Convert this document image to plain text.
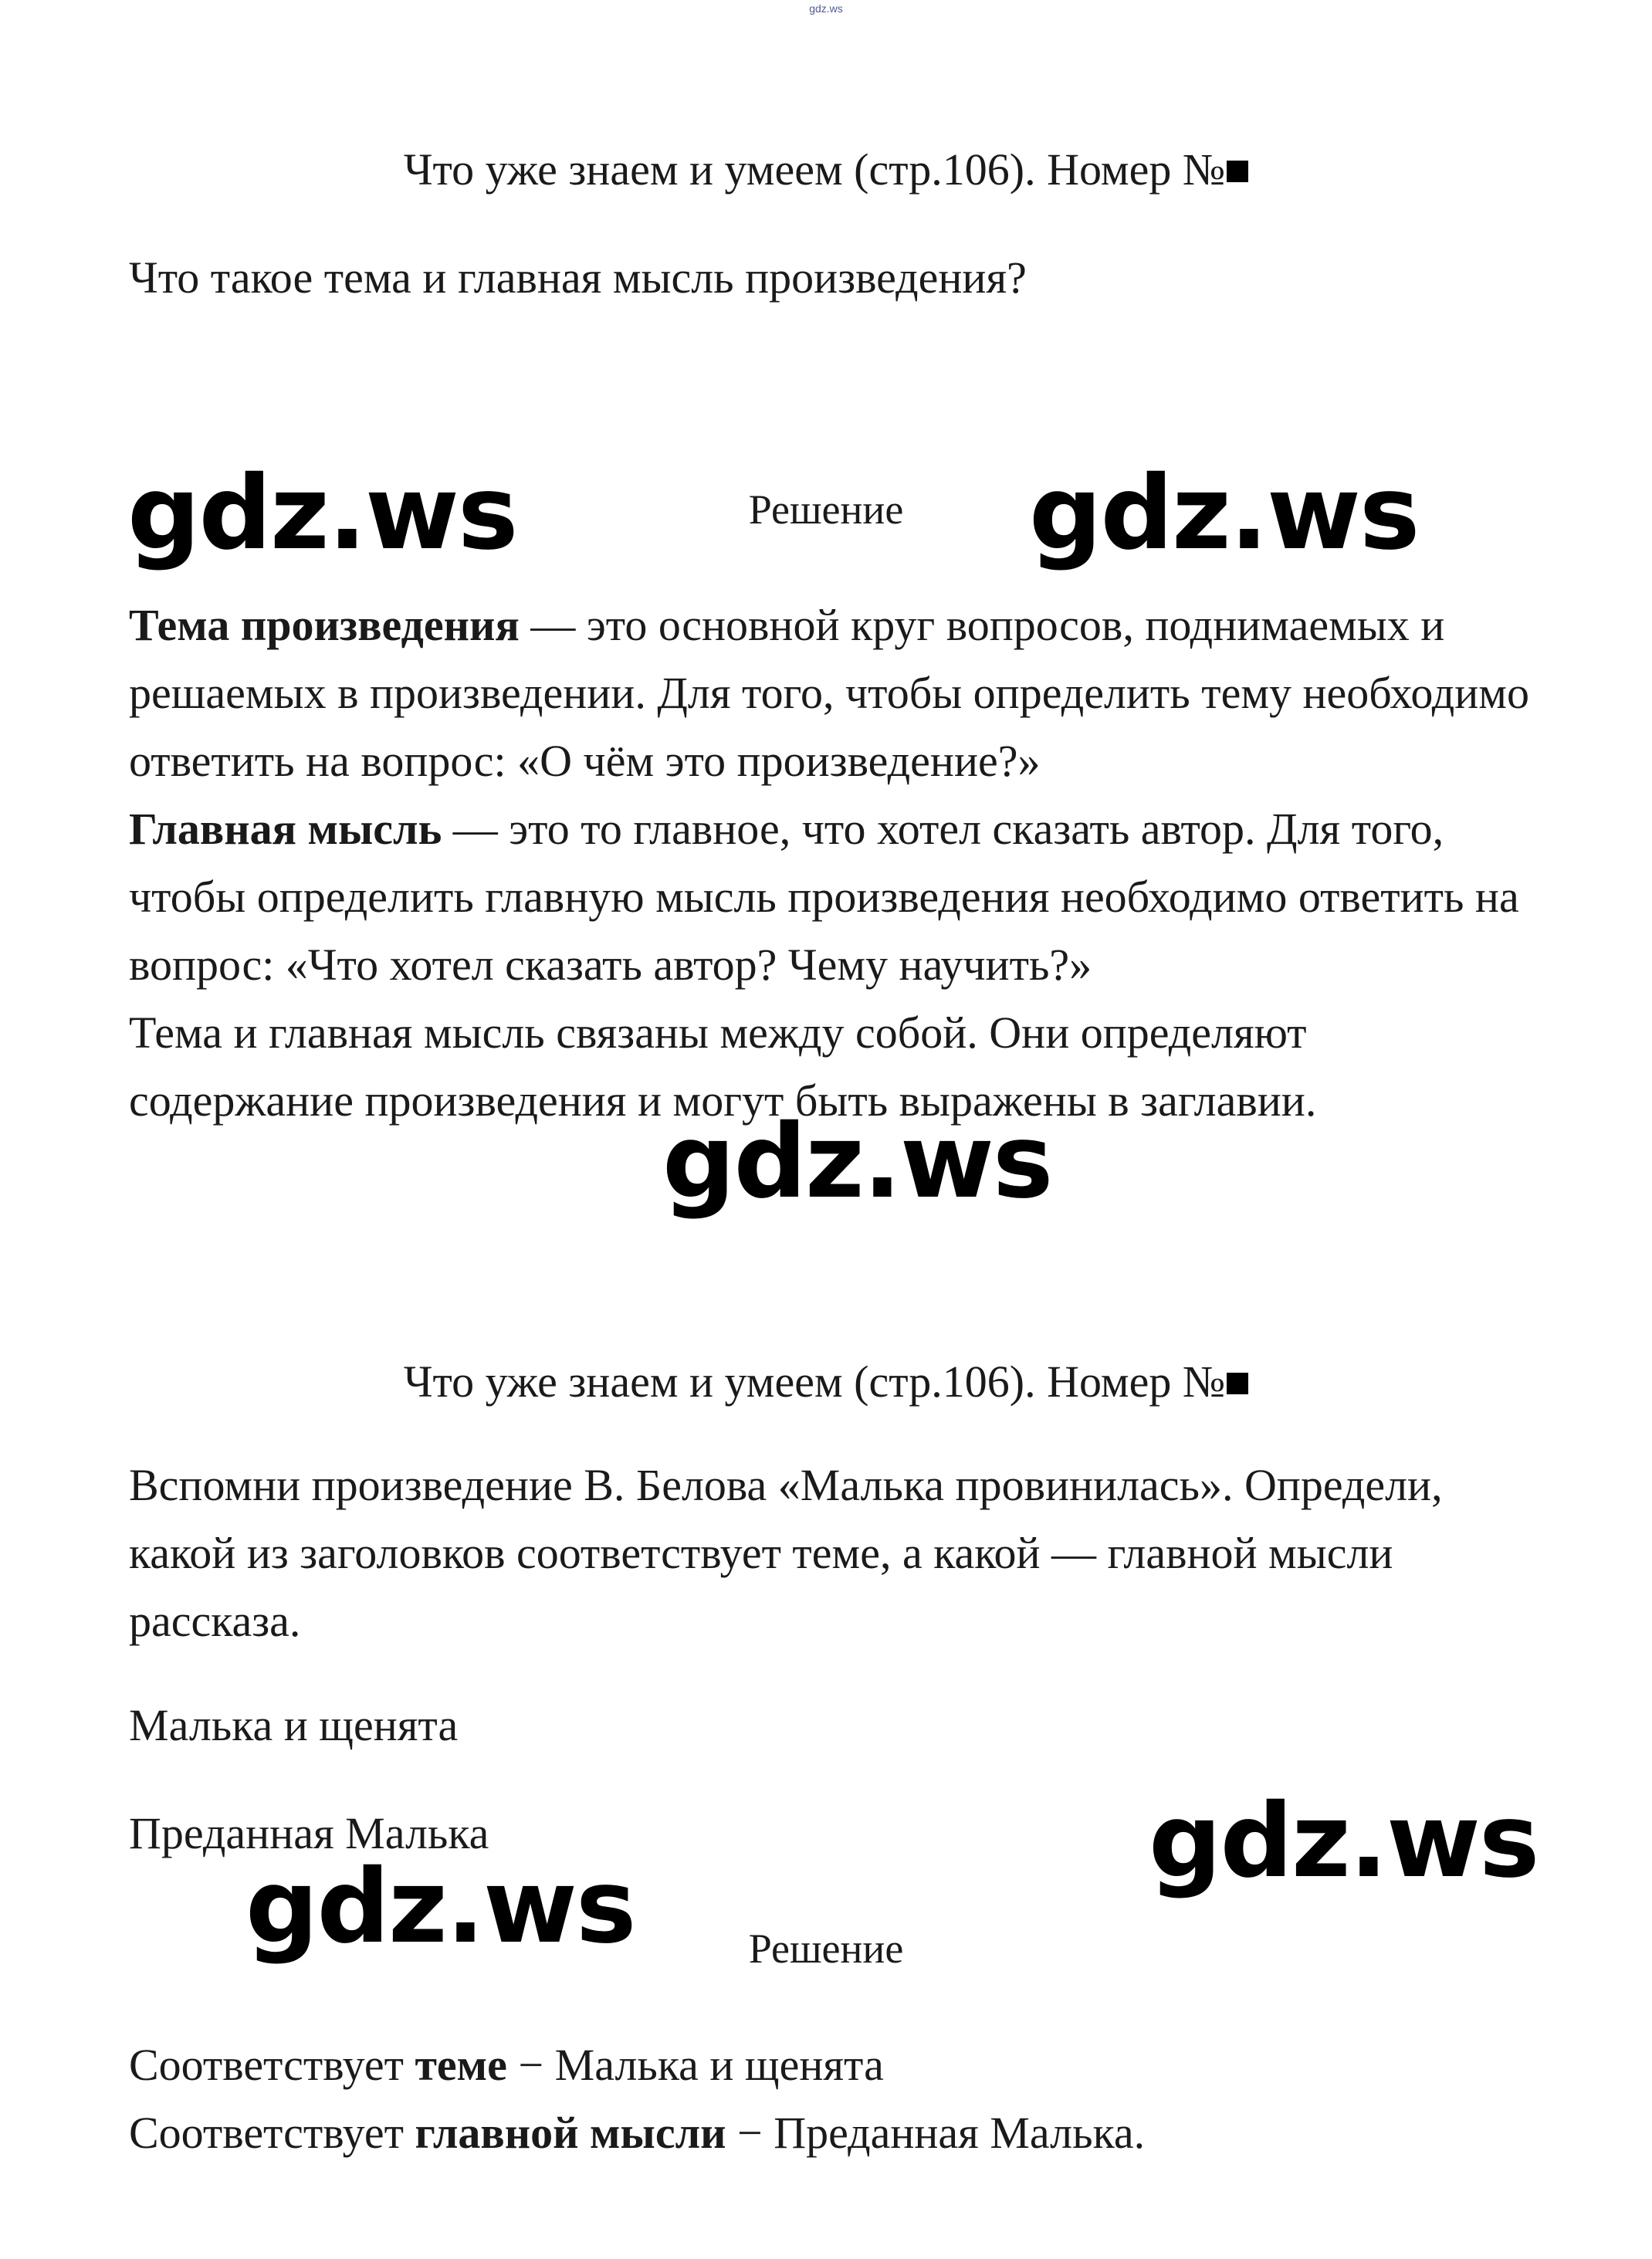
gdz.ws
Что уже знаем и умеем (стр.106). Номер №
Что такое тема и главная мысль произведения?
gdz.ws	Решение	gdz.ws
Тема произведения — это основной круг вопросов, поднимаемых и решаемых в произведении. Для того, чтобы определить тему необходимо ответить на вопрос: «О чём это произведение?»
Главная мысль — это то главное, что хотел сказать автор. Для того, чтобы определить главную мысль произведения необходимо ответить на вопрос: «Что хотел сказать автор? Чему научить?»
Тема и главная мысль связаны между собой. Они определяют содержание произведения и могут быть выражены в заглавии.
gdz.ws
Что уже знаем и умеем (стр.106). Номер №
Вспомни произведение В. Белова «Малька провинилась». Определи, какой из заголовков соответствует теме, а какой — главной мысли рассказа.
Малька и щенята
Преданная Малька	gdz.ws
gdz.ws	Решение
Соответствует теме − Малька и щенята
Соответствует главной мысли − Преданная Малька.
